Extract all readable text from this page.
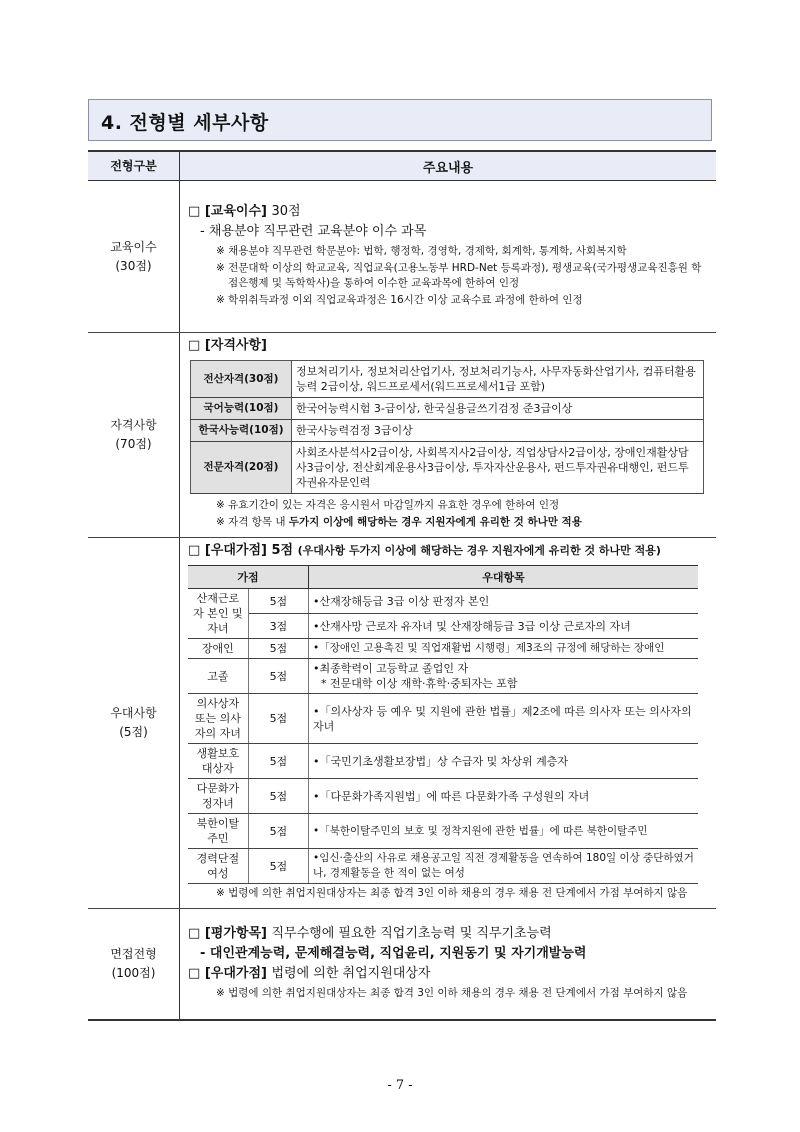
4. 전형별 세부사항
전형구분	주요내용

교육이수
(30점)

□ [교육이수] 30점
- 채용분야 직무관련 교육분야 이수 과목
※ 채용분야 직무관련 학문분야: 법학, 행정학, 경영학, 경제학, 회계학, 통계학, 사회복지학
※ 전문대학 이상의 학교교육, 직업교육(고용노동부 HRD-Net 등록과정), 평생교육(국가평생교육진흥원 학점은행제 및 독학학사)을 통하여 이수한 교육과목에 한하여 인정
※ 학위취득과정 이외 직업교육과정은 16시간 이상 교육수료 과정에 한하여 인정

자격사항
(70점)

□ [자격사항]
전산자격(30점)	정보처리기사, 정보처리산업기사, 정보처리기능사, 사무자동화산업기사, 컴퓨터활용능력 2급이상, 워드프로세서(워드프로세서1급 포함)
국어능력(10점)	한국어능력시험 3-급이상, 한국실용글쓰기검정 준3급이상
한국사능력(10점)	한국사능력검정 3급이상
전문자격(20점)	사회조사분석사2급이상, 사회복지사2급이상, 직업상담사2급이상, 장애인재활상담사3급이상, 전산회계운용사3급이상, 투자자산운용사, 펀드투자권유대행인, 펀드투자권유자문인력
※ 유효기간이 있는 자격은 응시원서 마감일까지 유효한 경우에 한하여 인정
※ 자격 항목 내 두가지 이상에 해당하는 경우 지원자에게 유리한 것 하나만 적용

우대사항
(5점)

□ [우대가점] 5점 (우대사항 두가지 이상에 해당하는 경우 지원자에게 유리한 것 하나만 적용)
가점	우대항목
산재근로자 본인 및 자녀	5점	•산재장해등급 3급 이상 판정자 본인
3점	•산재사망 근로자 유자녀 및 산재장해등급 3급 이상 근로자의 자녀
장애인	5점	•「장애인 고용촉진 및 직업재활법 시행령」제3조의 규정에 해당하는 장애인
고졸	5점	
•최종학력이 고등학교 졸업인 자
* 전문대학 이상 재학·휴학·중퇴자는 포함

의사상자 또는 의사자의 자녀	5점	•「의사상자 등 예우 및 지원에 관한 법률」제2조에 따른 의사자 또는 의사자의 자녀
생활보호대상자	5점	•「국민기초생활보장법」상 수급자 및 차상위 계층자
다문화가정자녀	5점	•「다문화가족지원법」에 따른 다문화가족 구성원의 자녀
북한이탈주민	5점	•「북한이탈주민의 보호 및 정착지원에 관한 법률」에 따른 북한이탈주민
경력단절여성	5점	•임신·출산의 사유로 채용공고일 직전 경제활동을 연속하여 180일 이상 중단하였거나, 경제활동을 한 적이 없는 여성
※ 법령에 의한 취업지원대상자는 최종 합격 3인 이하 채용의 경우 채용 전 단계에서 가점 부여하지 않음

면접전형
(100점)

□ [평가항목] 직무수행에 필요한 직업기초능력 및 직무기초능력
- 대인관계능력, 문제해결능력, 직업윤리, 지원동기 및 자기개발능력
□ [우대가점] 법령에 의한 취업지원대상자
※ 법령에 의한 취업지원대상자는 최종 합격 3인 이하 채용의 경우 채용 전 단계에서 가점 부여하지 않음
- 7 -
